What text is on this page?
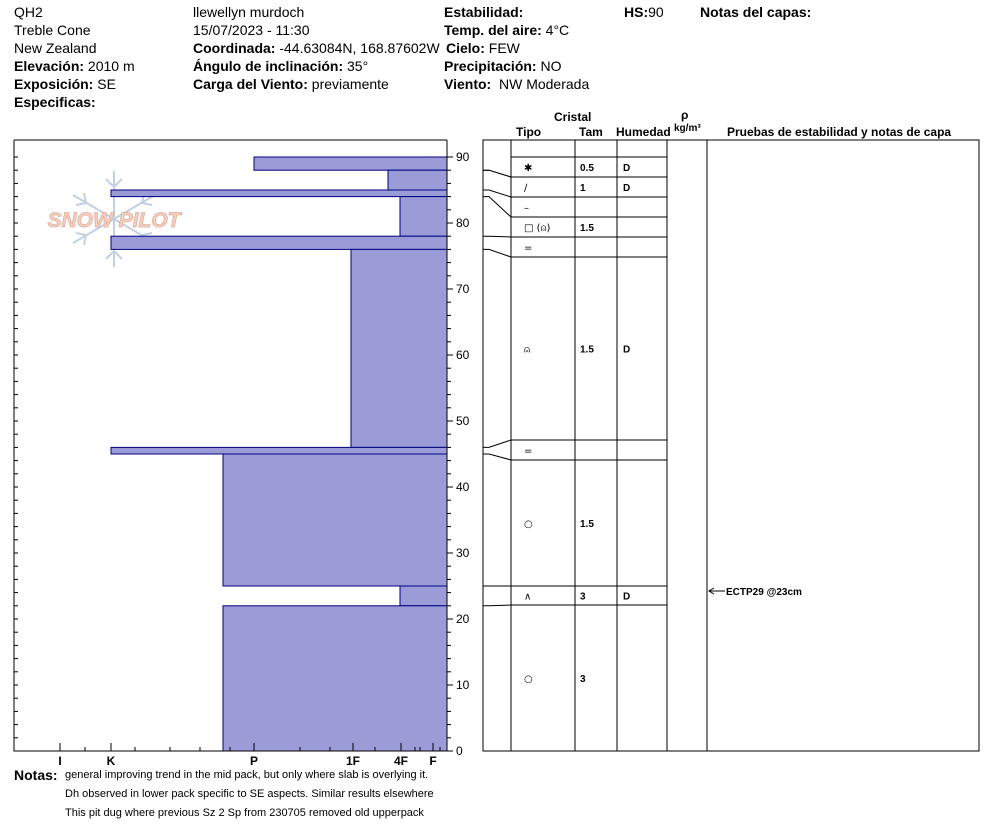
QH2
Treble Cone
New Zealand
Elevación: 2010 m
Exposición: SE
Especificas:
llewellyn murdoch
15/07/2023 - 11:30
Coordinada: -44.63084N, 168.87602W
Ángulo de inclinación: 35°
Carga del Viento: previamente
Estabilidad:
Temp. del aire: 4°C
Cielo: FEW
Precipitación: NO
Viento: NW Moderada
HS:90	Notas del capas:
Cristal
Tipo	Tam Humedad
ρ
kg/m³ Pruebas de estabilidad y notas de capa
SNOW PILOT
0
10
20
30
40
50
60
70
80
90
I	K	P	1F	4F F
✱	0.5	D
∕	1	D
–
□ (⍝)	1.5
=
⍝	1.5	D
=
○	1.5
∧	3	D
○	3
ECTP29 @23cm
Notas: general improving trend in the mid pack, but only where slab is overlying it.
Dh observed in lower pack specific to SE aspects. Similar results elsewhere
This pit dug where previous Sz 2 Sp from 230705 removed old upperpack
